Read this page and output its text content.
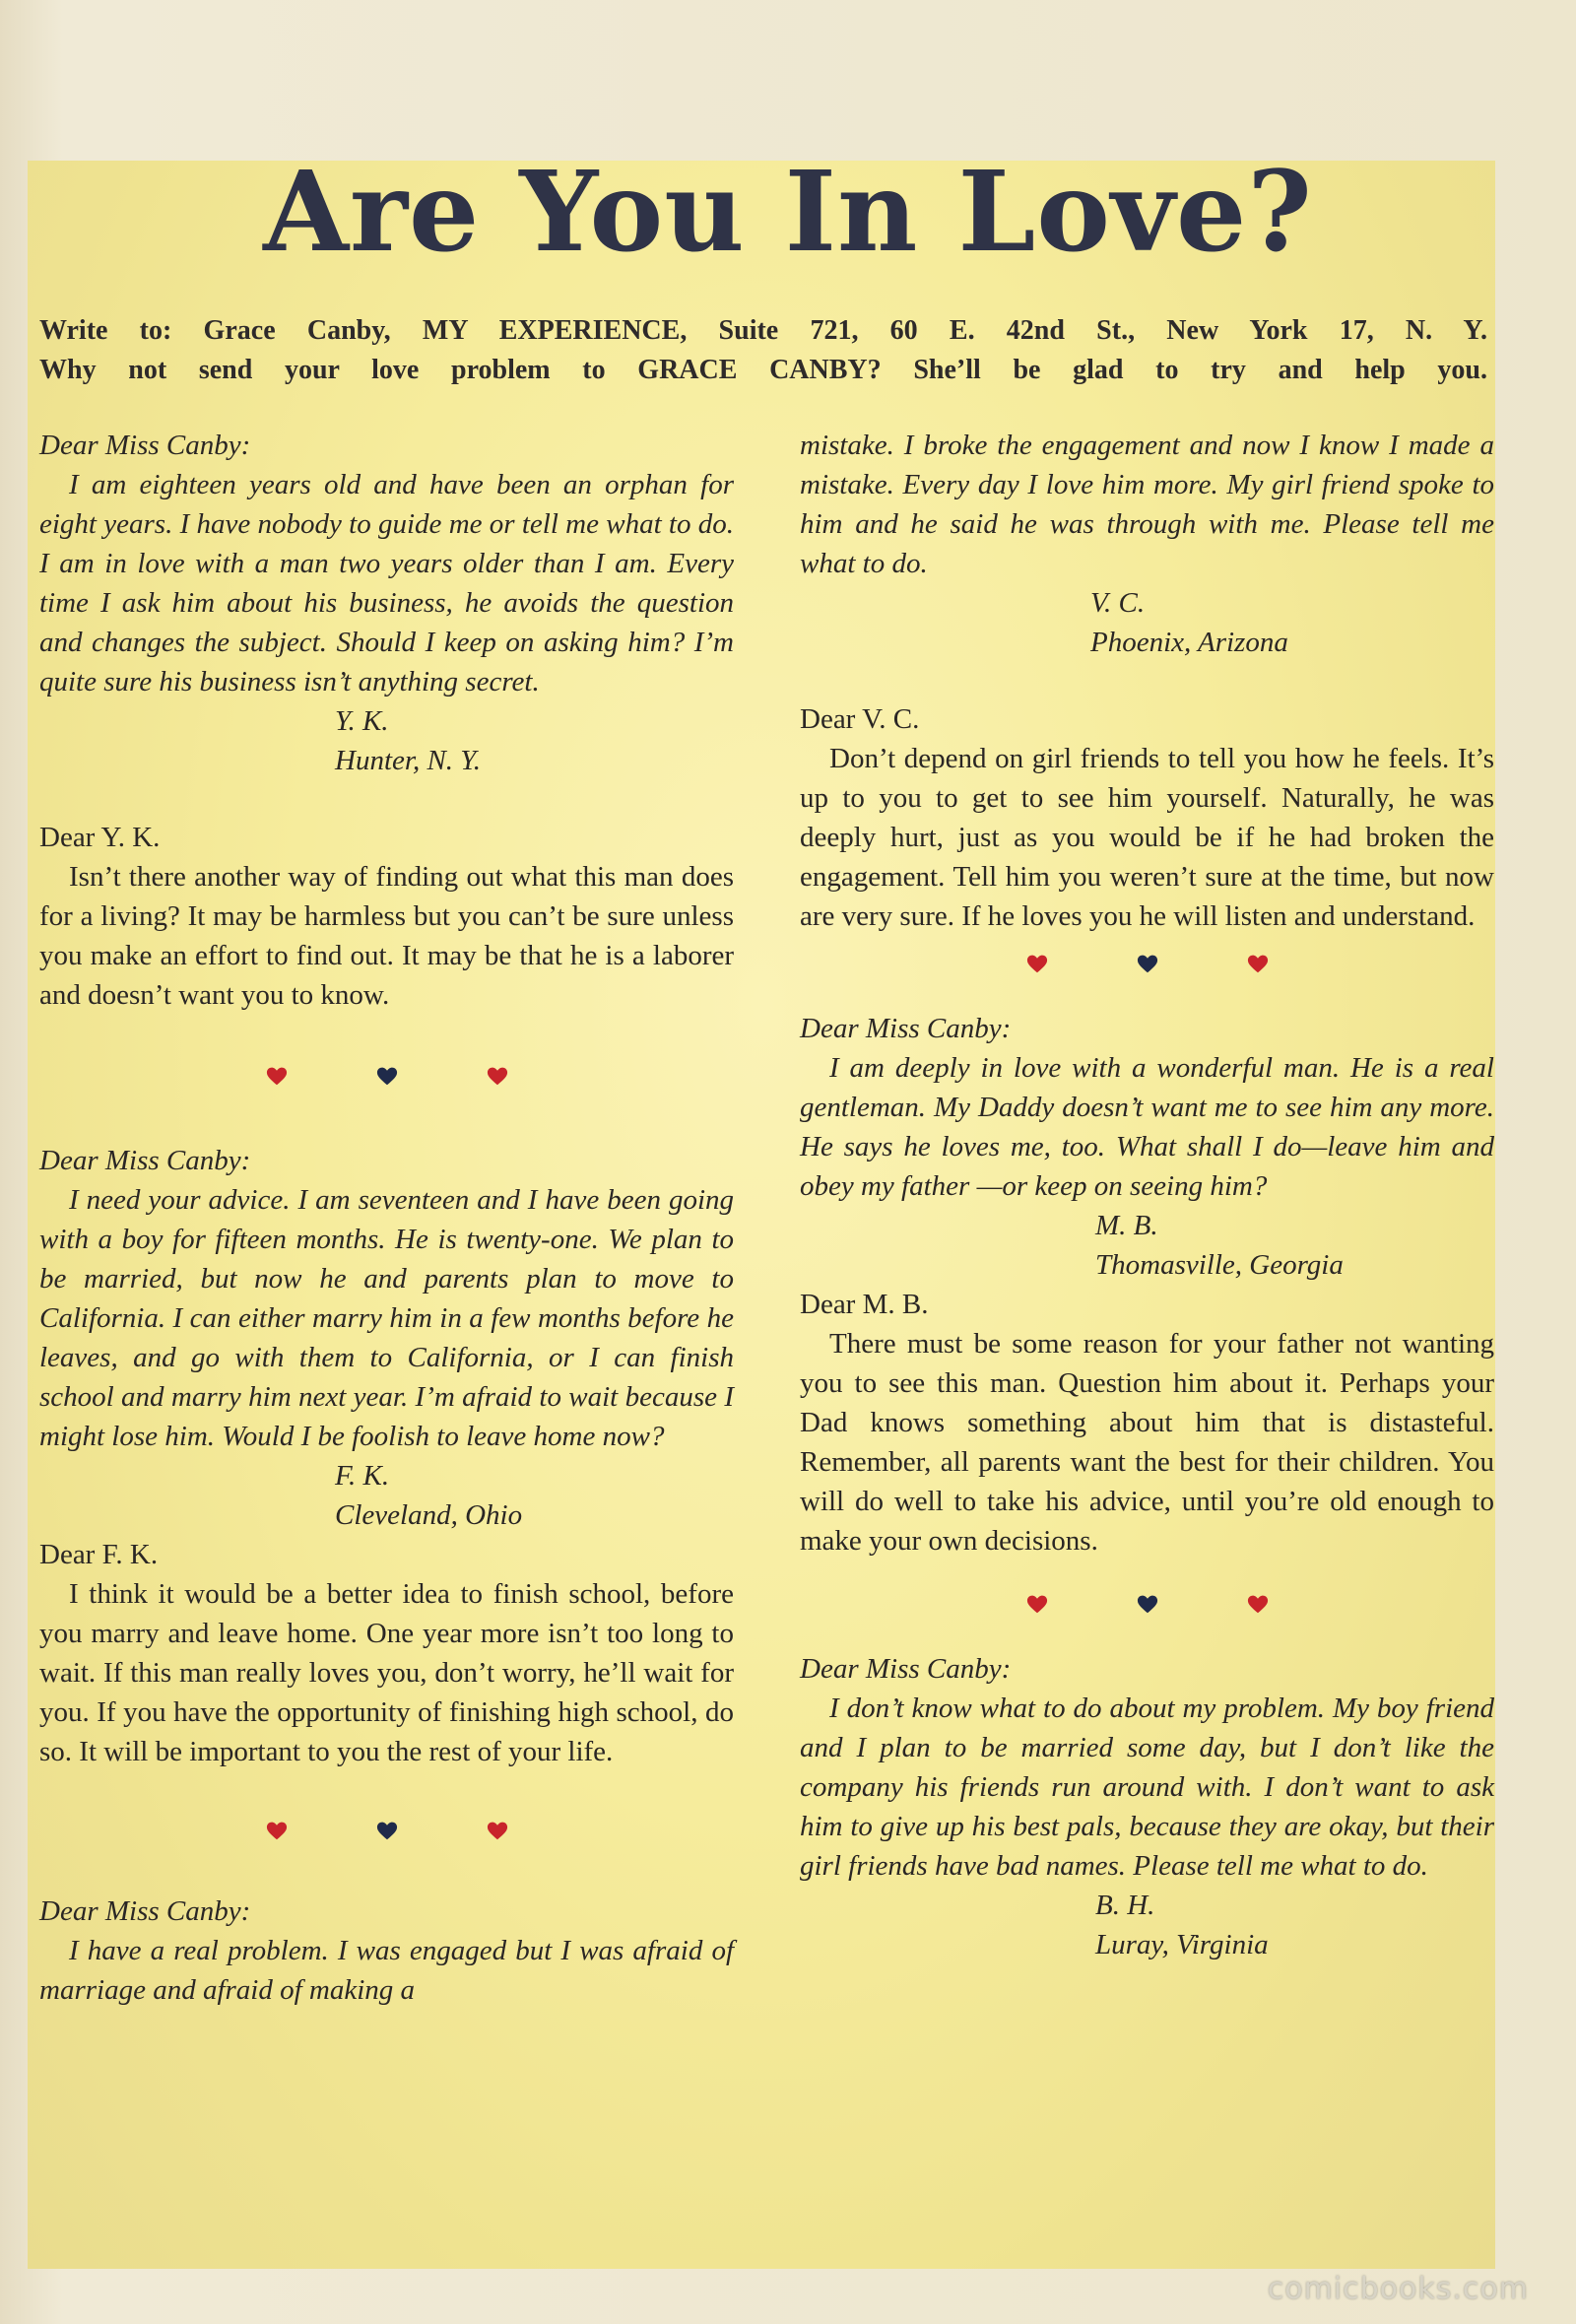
Are You In Love?
Write to: Grace Canby, MY EXPERIENCE, Suite 721, 60 E. 42nd St., New York 17, N. Y.
Why not send your love problem to GRACE CANBY? She’ll be glad to try and help you.

Dear Miss Canby:

I am eighteen years old and have been an orphan for eight years. I have nobody to guide me or tell me what to do. I am in love with a man two years older than I am. Every time I ask him about his business, he avoids the question and changes the subject. Should I keep on asking him? I’m quite sure his business isn’t anything secret.

Y. K.
Hunter, N. Y.

Dear Y. K.

Isn’t there another way of finding out what this man does for a living? It may be harmless but you can’t be sure unless you make an effort to find out. It may be that he is a laborer and doesn’t want you to know.

Dear Miss Canby:

I need your advice. I am seventeen and I have been going with a boy for fifteen months. He is twenty-one. We plan to be married, but now he and parents plan to move to California. I can either marry him in a few months before he leaves, and go with them to California, or I can finish school and marry him next year. I’m afraid to wait because I might lose him. Would I be foolish to leave home now?

F. K.
Cleveland, Ohio

Dear F. K.

I think it would be a better idea to finish school, before you marry and leave home. One year more isn’t too long to wait. If this man really loves you, don’t worry, he’ll wait for you. If you have the opportunity of finishing high school, do so. It will be important to you the rest of your life.

Dear Miss Canby:

I have a real problem. I was engaged but I was afraid of marriage and afraid of making a

mistake. I broke the engagement and now I know I made a mistake. Every day I love him more. My girl friend spoke to him and he said he was through with me. Please tell me what to do.

V. C.
Phoenix, Arizona

Dear V. C.

Don’t depend on girl friends to tell you how he feels. It’s up to you to get to see him yourself. Naturally, he was deeply hurt, just as you would be if he had broken the engagement. Tell him you weren’t sure at the time, but now are very sure. If he loves you he will listen and understand.

Dear Miss Canby:

I am deeply in love with a wonderful man. He is a real gentleman. My Daddy doesn’t want me to see him any more. He says he loves me, too. What shall I do—leave him and obey my father —or keep on seeing him?

M. B.
Thomasville, Georgia

Dear M. B.

There must be some reason for your father not wanting you to see this man. Question him about it. Perhaps your Dad knows something about him that is distasteful. Remember, all parents want the best for their children. You will do well to take his advice, until you’re old enough to make your own decisions.

Dear Miss Canby:

I don’t know what to do about my problem. My boy friend and I plan to be married some day, but I don’t like the company his friends run around with. I don’t want to ask him to give up his best pals, because they are okay, but their girl friends have bad names. Please tell me what to do.

B. H.
Luray, Virginia
comicbooks.com
